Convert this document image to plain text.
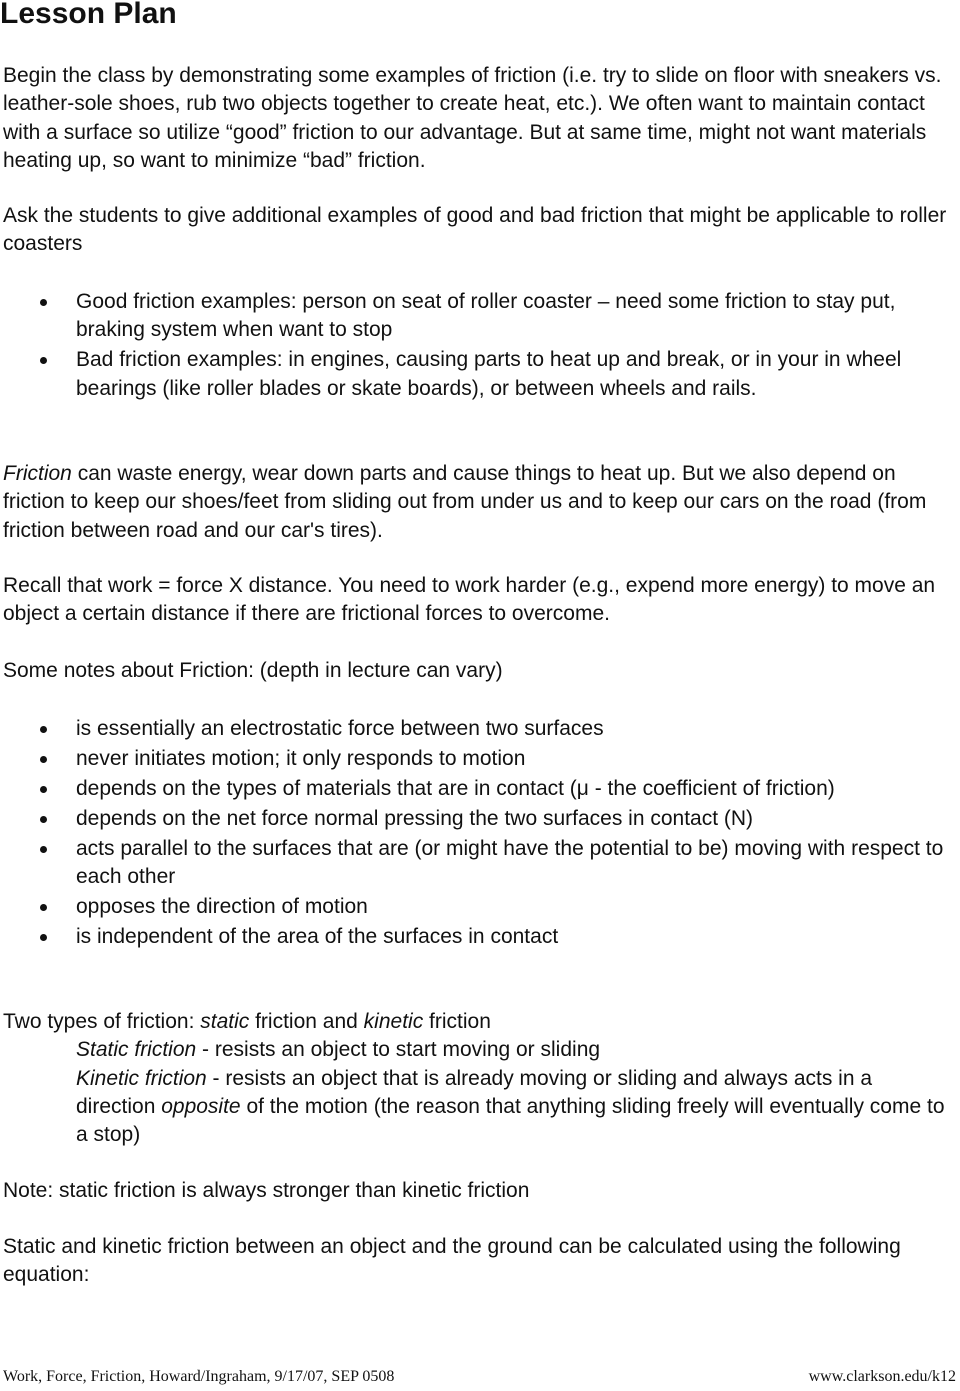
Lesson Plan

Begin the class by demonstrating some examples of friction (i.e. try to slide on floor with sneakers vs. leather-sole shoes, rub two objects together to create heat, etc.). We often want to maintain contact with a surface so utilize “good” friction to our advantage. But at same time, might not want materials heating up, so want to minimize “bad” friction.

Ask the students to give additional examples of good and bad friction that might be applicable to roller coasters

Good friction examples: person on seat of roller coaster – need some friction to stay put, braking system when want to stop
Bad friction examples: in engines, causing parts to heat up and break, or in your in wheel bearings (like roller blades or skate boards), or between wheels and rails.

Friction can waste energy, wear down parts and cause things to heat up. But we also depend on friction to keep our shoes/feet from sliding out from under us and to keep our cars on the road (from friction between road and our car's tires).

Recall that work = force X distance. You need to work harder (e.g., expend more energy) to move an object a certain distance if there are frictional forces to overcome.

Some notes about Friction: (depth in lecture can vary)

is essentially an electrostatic force between two surfaces
never initiates motion; it only responds to motion
depends on the types of materials that are in contact (μ - the coefficient of friction)
depends on the net force normal pressing the two surfaces in contact (N)
acts parallel to the surfaces that are (or might have the potential to be) moving with respect to each other
opposes the direction of motion
is independent of the area of the surfaces in contact
Two types of friction: static friction and kinetic friction
Static friction - resists an object to start moving or sliding
Kinetic friction - resists an object that is already moving or sliding and always acts in a direction opposite of the motion (the reason that anything sliding freely will eventually come to a stop)

Note: static friction is always stronger than kinetic friction

Static and kinetic friction between an object and the ground can be calculated using the following equation:

Work, Force, Friction, Howard/Ingraham, 9/17/07, SEP 0508	www.clarkson.edu/k12
